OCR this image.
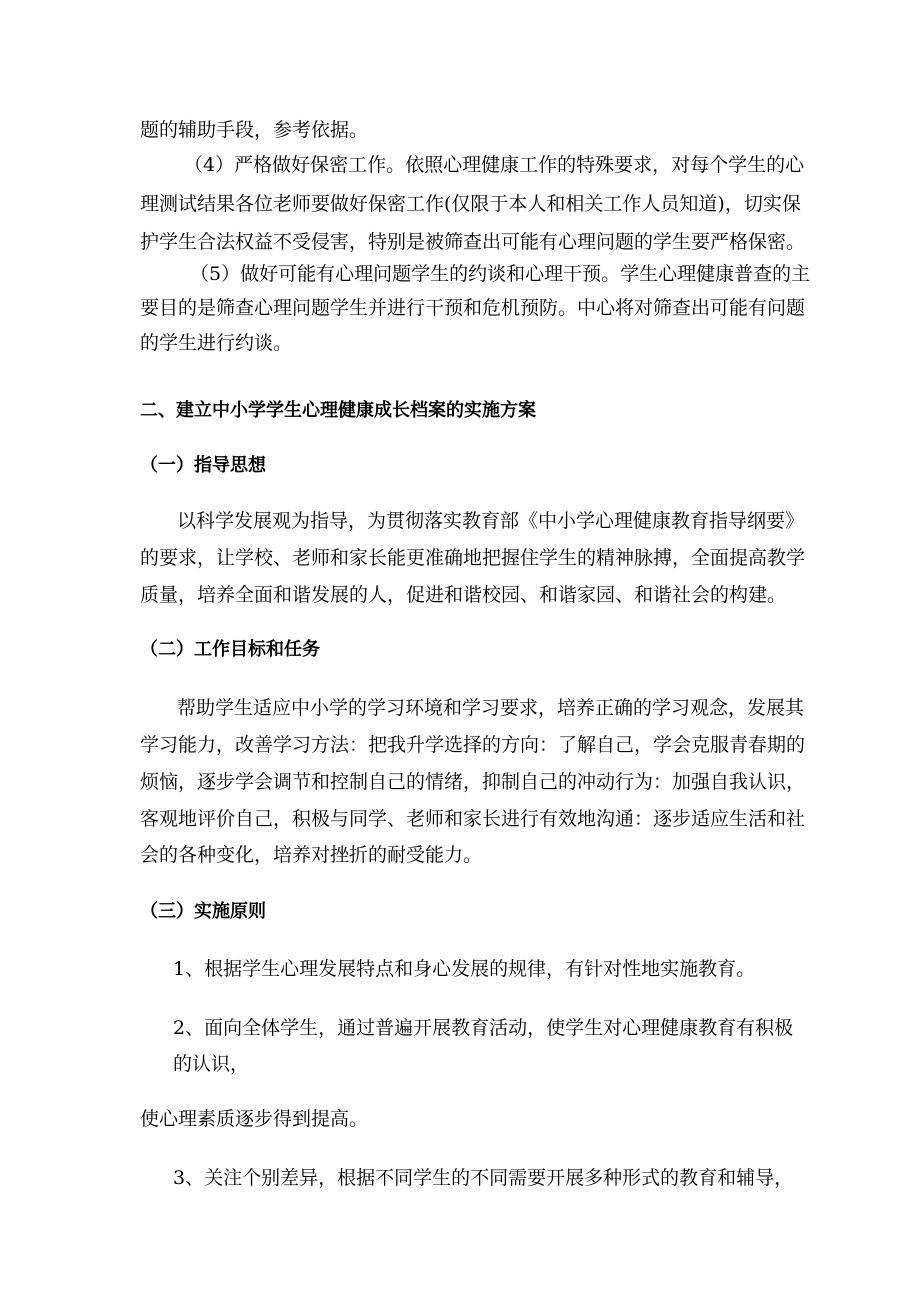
题的辅助手段，参考依据。
（4）严格做好保密工作。依照心理健康工作的特殊要求，对每个学生的心
理测试结果各位老师要做好保密工作(仅限于本人和相关工作人员知道)，切实保
护学生合法权益不受侵害，特别是被筛查出可能有心理问题的学生要严格保密。
（5）做好可能有心理问题学生的约谈和心理干预。学生心理健康普查的主
要目的是筛查心理问题学生并进行干预和危机预防。中心将对筛查出可能有问题
的学生进行约谈。
二、建立中小学学生心理健康成长档案的实施方案
（一）指导思想
以科学发展观为指导，为贯彻落实教育部《中小学心理健康教育指导纲要》
的要求，让学校、老师和家长能更准确地把握住学生的精神脉搏，全面提高教学
质量，培养全面和谐发展的人，促进和谐校园、和谐家园、和谐社会的构建。
（二）工作目标和任务
帮助学生适应中小学的学习环境和学习要求，培养正确的学习观念，发展其
学习能力，改善学习方法：把我升学选择的方向：了解自己，学会克服青春期的
烦恼，逐步学会调节和控制自己的情绪，抑制自己的冲动行为：加强自我认识，
客观地评价自己，积极与同学、老师和家长进行有效地沟通：逐步适应生活和社
会的各种变化，培养对挫折的耐受能力。
（三）实施原则
1、根据学生心理发展特点和身心发展的规律，有针对性地实施教育。
2、面向全体学生，通过普遍开展教育活动，使学生对心理健康教育有积极
的认识，
使心理素质逐步得到提高。
3、关注个别差异，根据不同学生的不同需要开展多种形式的教育和辅导，
